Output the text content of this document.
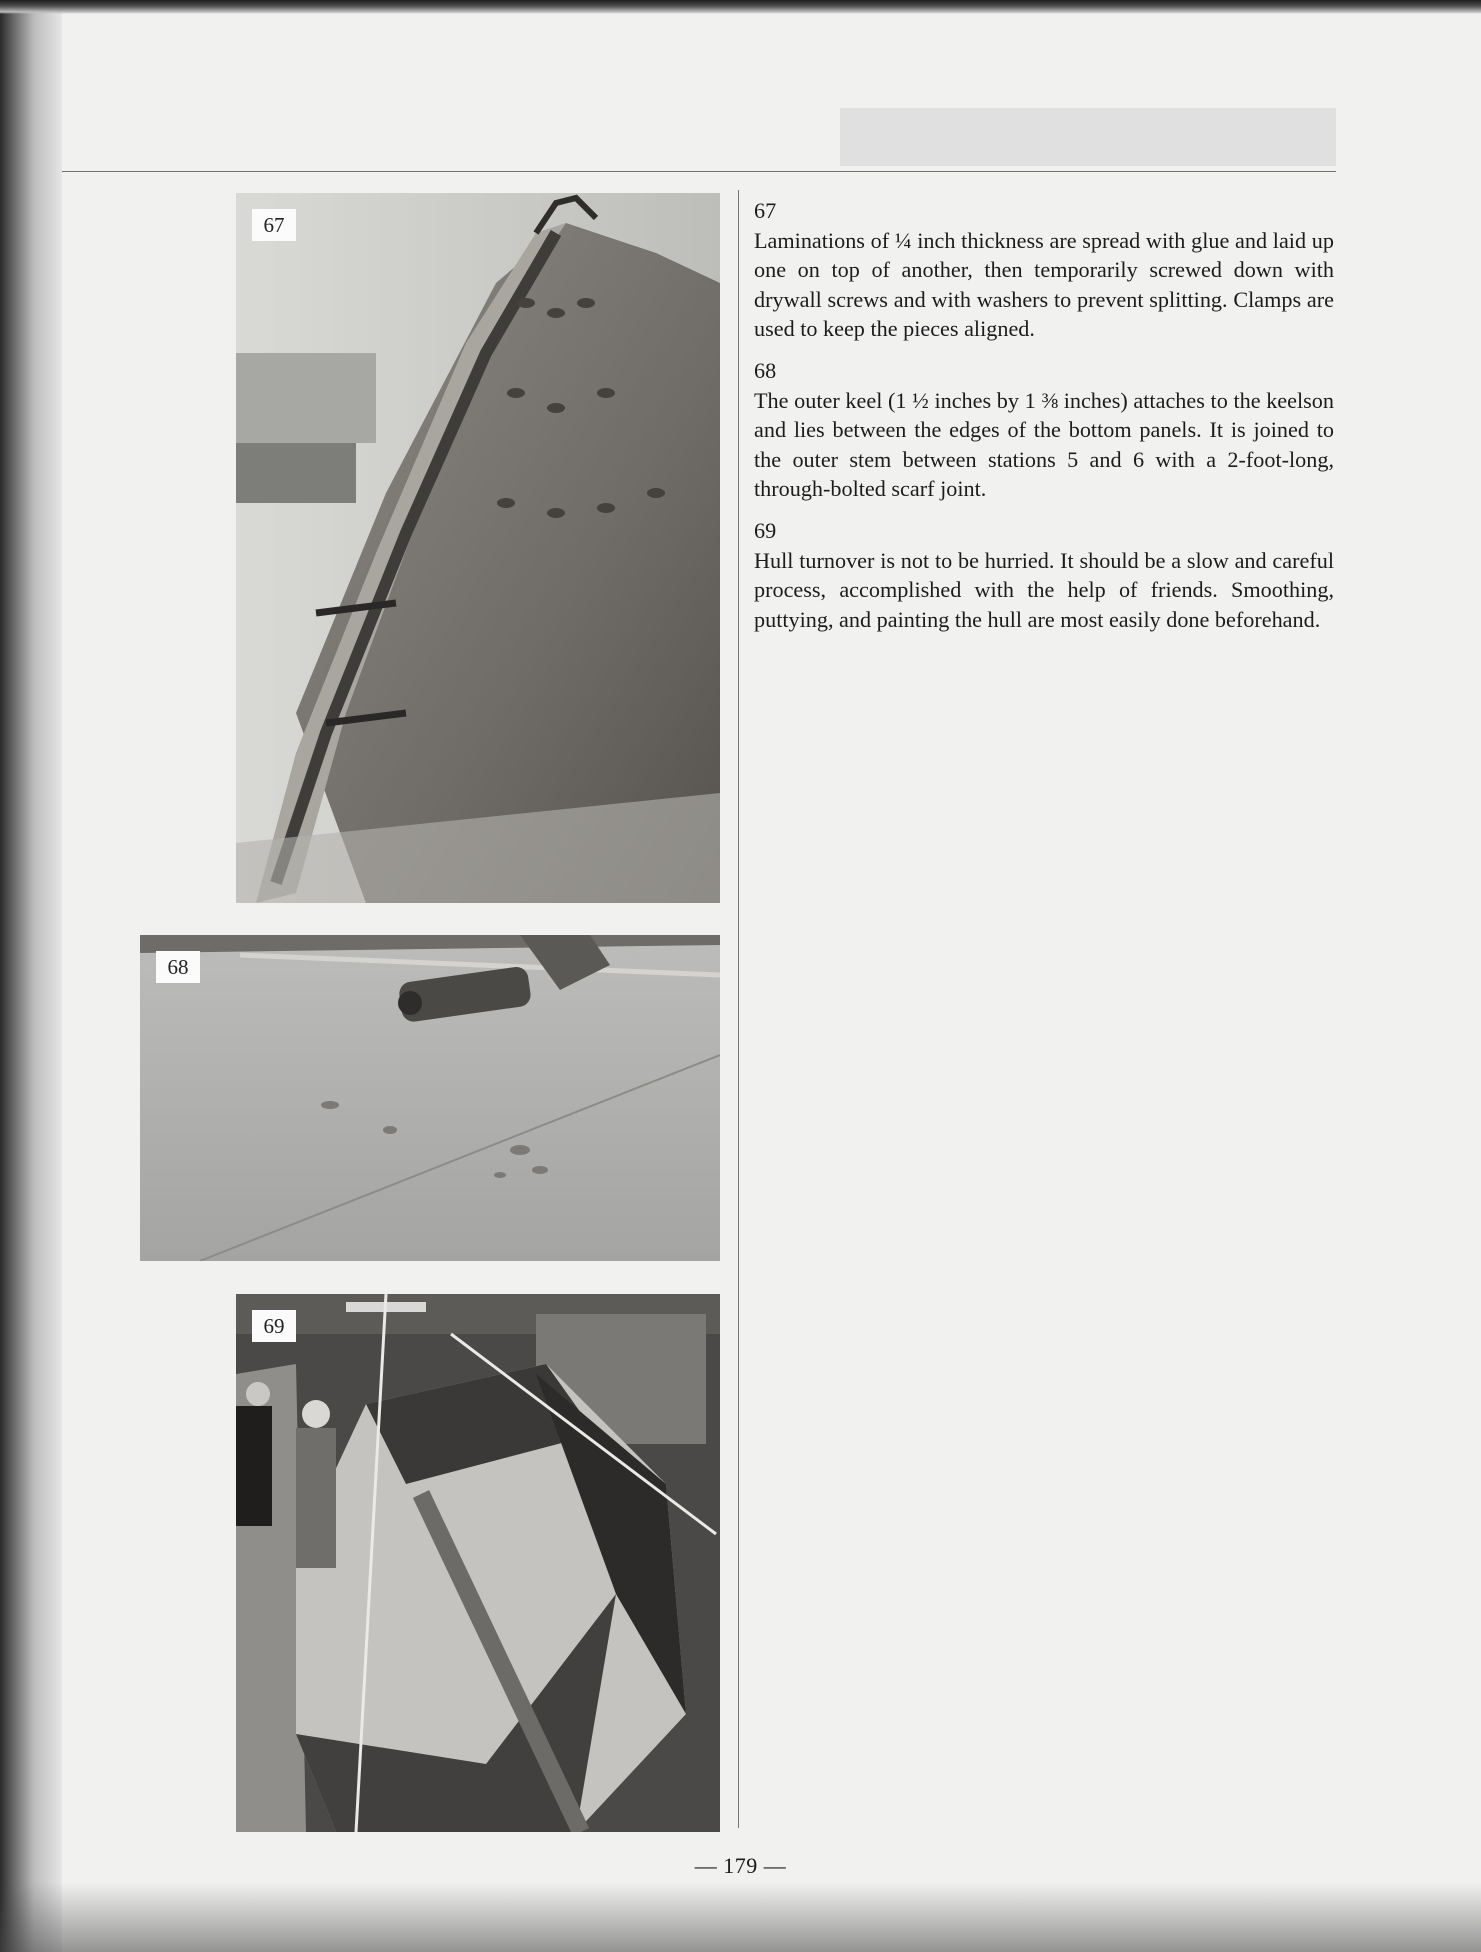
67
68
69
67
Laminations of ¼ inch thickness are spread with glue and laid up one on top of another, then temporarily screwed down with drywall screws and with washers to prevent splitting. Clamps are used to keep the pieces aligned.
68
The outer keel (1 ½ inches by 1 ⅜ inches) attaches to the keelson and lies between the edges of the bottom panels. It is joined to the outer stem between stations 5 and 6 with a 2-foot-long, through-bolted scarf joint.
69
Hull turnover is not to be hurried. It should be a slow and careful process, accomplished with the help of friends. Smoothing, puttying, and painting the hull are most easily done beforehand.
— 179 —
